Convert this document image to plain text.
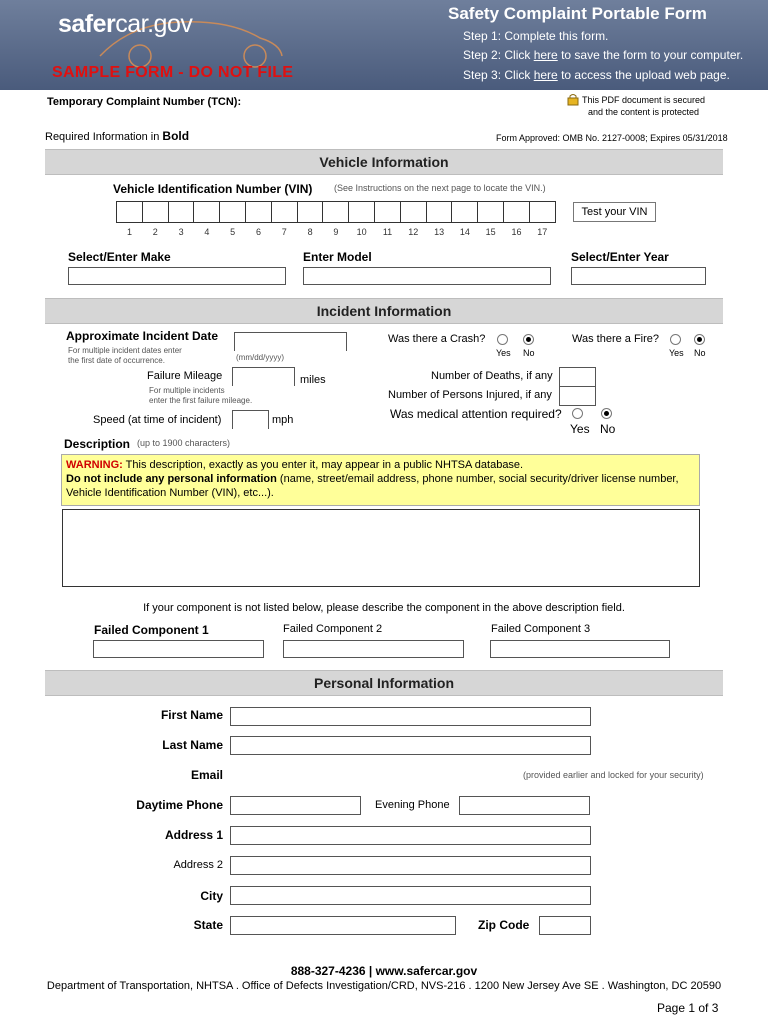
safercar.gov
SAMPLE FORM - DO NOT FILE
Safety Complaint Portable Form
Step 1: Complete this form.
Step 2: Click here to save the form to your computer.
Step 3: Click here to access the upload web page.
Temporary Complaint Number (TCN):	This PDF document is secured
and the content is protected
Required Information in Bold	Form Approved: OMB No. 2127-0008; Expires 05/31/2018
Vehicle Information
Vehicle Identification Number (VIN) (See Instructions on the next page to locate the VIN.)
1	2	3	4	5	6	7	8	9	10	11	12	13	14	15	16	17
Test your VIN
Select/Enter Make	Enter Model	Select/Enter Year
Incident Information
Approximate Incident Date
For multiple incident dates enter
the first date of occurrence.	(mm/dd/yyyy)
Was there a Crash?
Yes No
Was there a Fire?
Yes No
Failure Mileage	miles
For multiple incidents
enter the first failure mileage.
Number of Deaths, if any
Number of Persons Injured, if any
Speed (at time of incident)	mph	Was medical attention required?
Yes No
Description (up to 1900 characters)
WARNING: This description, exactly as you enter it, may appear in a public NHTSA database.
Do not include any personal information (name, street/email address, phone number, social security/driver license number, Vehicle Identification Number (VIN), etc...).
If your component is not listed below, please describe the component in the above description field.
Failed Component 1	Failed Component 2	Failed Component 3
Personal Information
First Name
Last Name
Email	(provided earlier and locked for your security)
Daytime Phone	Evening Phone
Address 1
Address 2
City
State	Zip Code
888-327-4236 | www.safercar.gov
Department of Transportation, NHTSA . Office of Defects Investigation/CRD, NVS-216 . 1200 New Jersey Ave SE . Washington, DC 20590
Page 1 of 3
